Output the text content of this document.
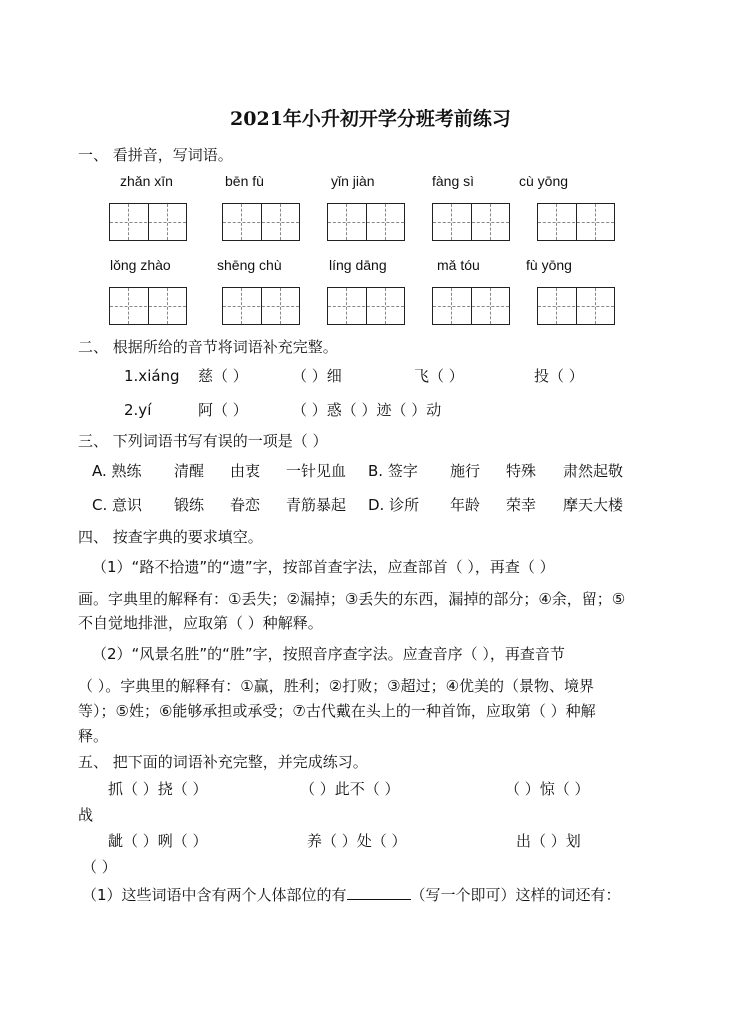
2021年小升初开学分班考前练习
一、 看拼音，写词语。
zhǎn xīn	bēn fù	yǐn jiàn	fàng sì	cù yōng
lǒng zhào	shēng chù	líng dāng	mǎ tóu	fù yōng
二、 根据所给的音节将词语补充完整。
1.xiáng 慈（ ）	（ ）细	飞（ ）	投（ ）
2.yí	阿（ ）	（ ）惑（ ）迹（ ）动
三、 下列词语书写有误的一项是（ ）
A. 熟练 清醒 由衷 一针见血 B. 签字 施行 特殊 肃然起敬
C. 意识 锻练 眷恋 青筋暴起 D. 诊所 年龄 荣幸 摩天大楼
四、 按查字典的要求填空。
（1）“路不拾遗”的“遗”字，按部首查字法，应查部首（ ），再查（ ）
画。字典里的解释有：①丢失；②漏掉；③丢失的东西，漏掉的部分；④余，留；⑤
不自觉地排泄，应取第（ ）种解释。
（2）“风景名胜”的“胜”字，按照音序查字法。应查音序（ ），再查音节
（ ）。字典里的解释有：①赢，胜利；②打败；③超过；④优美的（景物、境界
等）；⑤姓；⑥能够承担或承受；⑦古代戴在头上的一种首饰，应取第（ ）种解
释。
五、 把下面的词语补充完整，并完成练习。
抓（ ）挠（ ）	（ ）此不（ ）	（ ）惊（ ）
战
龇（ ）咧（ ）	养（ ）处（ ）	出（ ）划
（ ）
（1）这些词语中含有两个人体部位的有	（写一个即可）这样的词还有：
